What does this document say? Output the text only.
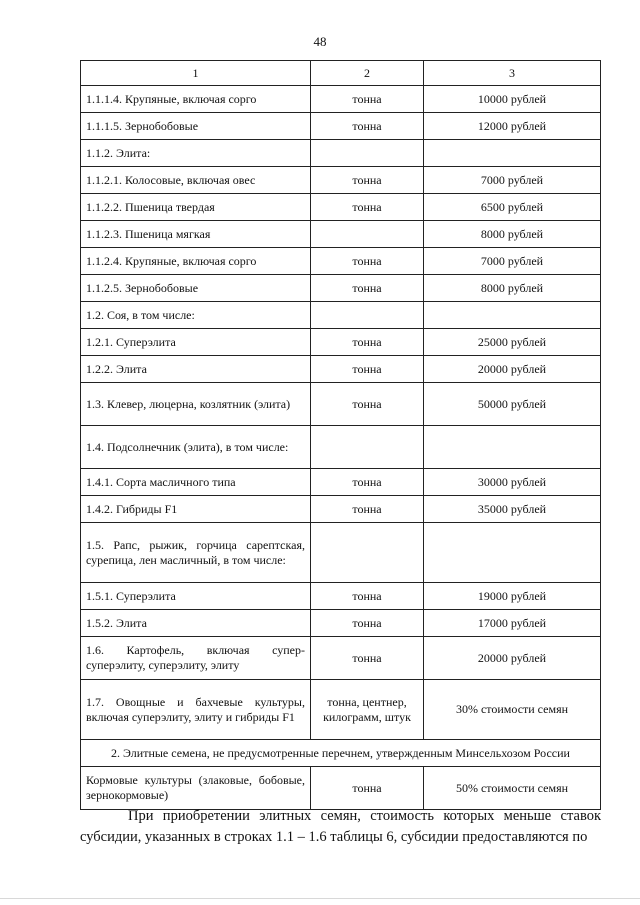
48
1	2	3
1.1.1.4. Крупяные, включая сорго	тонна	10000 рублей
1.1.1.5. Зернобобовые	тонна	12000 рублей
1.1.2. Элита:		
1.1.2.1. Колосовые, включая овес	тонна	7000 рублей
1.1.2.2. Пшеница твердая	тонна	6500 рублей
1.1.2.3. Пшеница мягкая		8000 рублей
1.1.2.4. Крупяные, включая сорго	тонна	7000 рублей
1.1.2.5. Зернобобовые	тонна	8000 рублей
1.2. Соя, в том числе:		
1.2.1. Суперэлита	тонна	25000 рублей
1.2.2. Элита	тонна	20000 рублей
1.3. Клевер, люцерна, козлятник (элита)	тонна	50000 рублей
1.4. Подсолнечник (элита), в том числе:		
1.4.1. Сорта масличного типа	тонна	30000 рублей
1.4.2. Гибриды F1	тонна	35000 рублей
1.5. Рапс, рыжик, горчица сарептская, сурепица, лен масличный, в том числе:		
1.5.1. Суперэлита	тонна	19000 рублей
1.5.2. Элита	тонна	17000 рублей
1.6. Картофель, включая супер-суперэлиту, суперэлиту, элиту	тонна	20000 рублей
1.7. Овощные и бахчевые культуры, включая суперэлиту, элиту и гибриды F1	тонна, центнер, килограмм, штук	30% стоимости семян
2. Элитные семена, не предусмотренные перечнем, утвержденным Минсельхозом России		
Кормовые культуры (злаковые, бобовые, зернокормовые)	тонна	50% стоимости семян

При приобретении элитных семян, стоимость которых меньше ставок субсидии, указанных в строках 1.1 – 1.6 таблицы 6, субсидии предоставляются по
